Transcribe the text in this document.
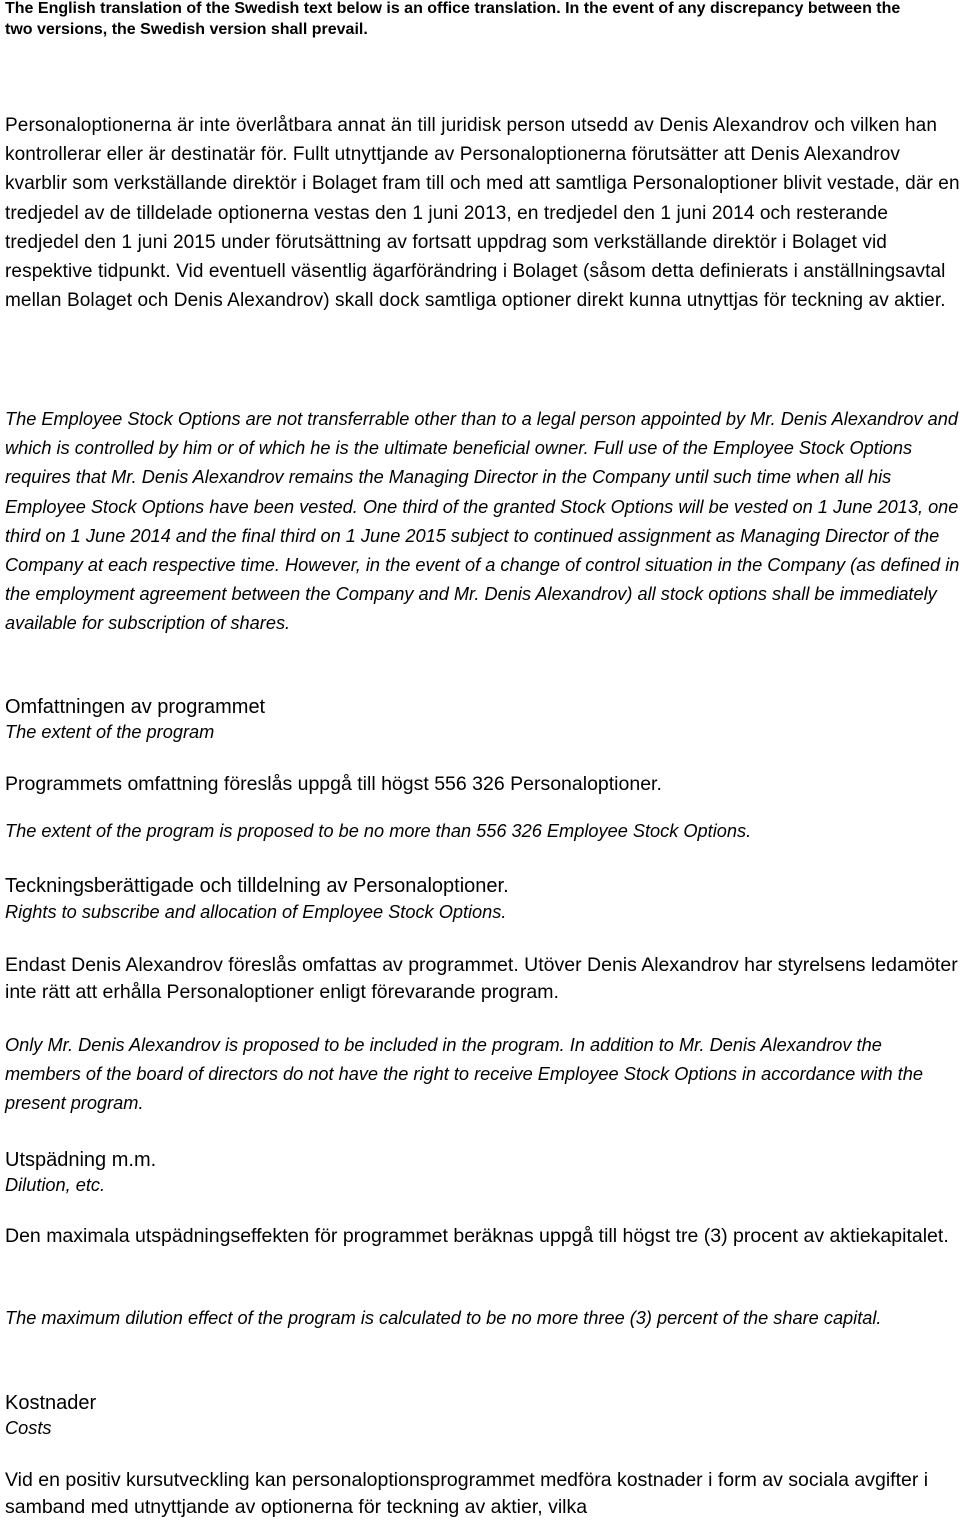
The English translation of the Swedish text below is an office translation. In the event of any discrepancy between the
two versions, the Swedish version shall prevail.
Personaloptionerna är inte överlåtbara annat än till juridisk person utsedd av Denis Alexandrov och vilken han kontrollerar eller är destinatär för. Fullt utnyttjande av Personaloptionerna förutsätter att Denis Alexandrov kvarblir som verkställande direktör i Bolaget fram till och med att samtliga Personaloptioner blivit vestade, där en tredjedel av de tilldelade optionerna vestas den 1 juni 2013, en tredjedel den 1 juni 2014 och resterande tredjedel den 1 juni 2015 under förutsättning av fortsatt uppdrag som verkställande direktör i Bolaget vid respektive tidpunkt. Vid eventuell väsentlig ägarförändring i Bolaget (såsom detta definierats i anställningsavtal mellan Bolaget och Denis Alexandrov) skall dock samtliga optioner direkt kunna utnyttjas för teckning av aktier.
The Employee Stock Options are not transferrable other than to a legal person appointed by Mr. Denis Alexandrov and which is controlled by him or of which he is the ultimate beneficial owner. Full use of the Employee Stock Options requires that Mr. Denis Alexandrov remains the Managing Director in the Company until such time when all his Employee Stock Options have been vested. One third of the granted Stock Options will be vested on 1 June 2013, one third on 1 June 2014 and the final third on 1 June 2015 subject to continued assignment as Managing Director of the Company at each respective time. However, in the event of a change of control situation in the Company (as defined in the employment agreement between the Company and Mr. Denis Alexandrov) all stock options shall be immediately available for subscription of shares.
Omfattningen av programmet
The extent of the program
Programmets omfattning föreslås uppgå till högst 556 326 Personaloptioner.
The extent of the program is proposed to be no more than 556 326 Employee Stock Options.
Teckningsberättigade och tilldelning av Personaloptioner.
Rights to subscribe and allocation of Employee Stock Options.
Endast Denis Alexandrov föreslås omfattas av programmet. Utöver Denis Alexandrov har styrelsens ledamöter inte rätt att erhålla Personaloptioner enligt förevarande program.
Only Mr. Denis Alexandrov is proposed to be included in the program. In addition to Mr. Denis Alexandrov the members of the board of directors do not have the right to receive Employee Stock Options in accordance with the present program.
Utspädning m.m.
Dilution, etc.
Den maximala utspädningseffekten för programmet beräknas uppgå till högst tre (3) procent av aktiekapitalet.
The maximum dilution effect of the program is calculated to be no more three (3) percent of the share capital.
Kostnader
Costs
Vid en positiv kursutveckling kan personaloptionsprogrammet medföra kostnader i form av sociala avgifter i samband med utnyttjande av optionerna för teckning av aktier, vilka
